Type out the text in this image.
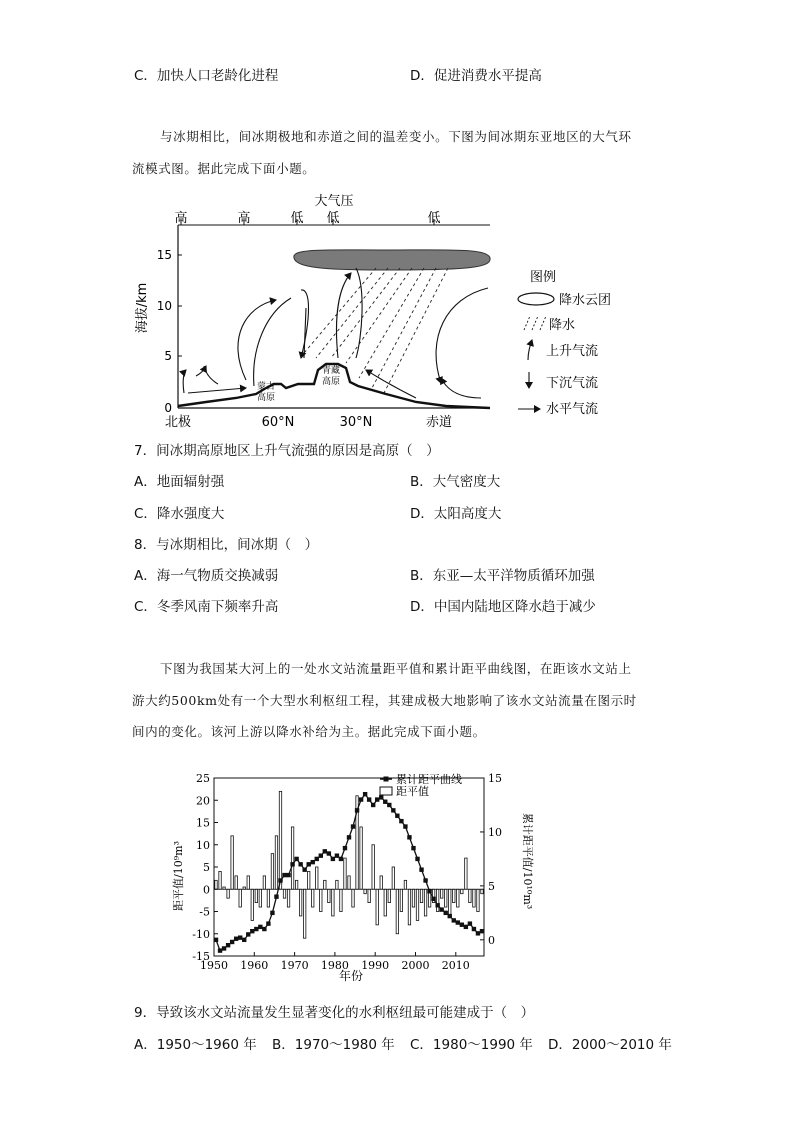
C．加快人口老龄化进程	D．促进消费水平提高
与冰期相比，间冰期极地和赤道之间的温差变小。下图为间冰期东亚地区的大气环
流模式图。据此完成下面小题。
大气压
高	高	低 低	低
0
5
10
15
海拔/km
北极	60°N	30°N	赤道
蒙古
高原
青藏
高原
图例
降水云团
降水
上升气流
下沉气流
水平气流
7．间冰期高原地区上升气流强的原因是高原（　）
A．地面辐射强	B．大气密度大
C．降水强度大	D．太阳高度大
8．与冰期相比，间冰期（　）
A．海一气物质交换减弱	B．东亚—太平洋物质循环加强
C．冬季风南下频率升高	D．中国内陆地区降水趋于减少
下图为我国某大河上的一处水文站流量距平值和累计距平曲线图，在距该水文站上
游大约500km处有一个大型水利枢纽工程，其建成极大地影响了该水文站流量在图示时
间内的变化。该河上游以降水补给为主。据此完成下面小题。
25
20
15
10
5
0
-5
-10
-15
15
10
5
0
1950 1960 1970 1980 1990 2000 2010
累计距平曲线
距平值
距平值/10⁹m³	累计距平值/10¹⁰m³
年份
9．导致该水文站流量发生显著变化的水利枢纽最可能建成于（　）
A．1950～1960 年 B．1970～1980 年 C．1980～1990 年 D．2000～2010 年
